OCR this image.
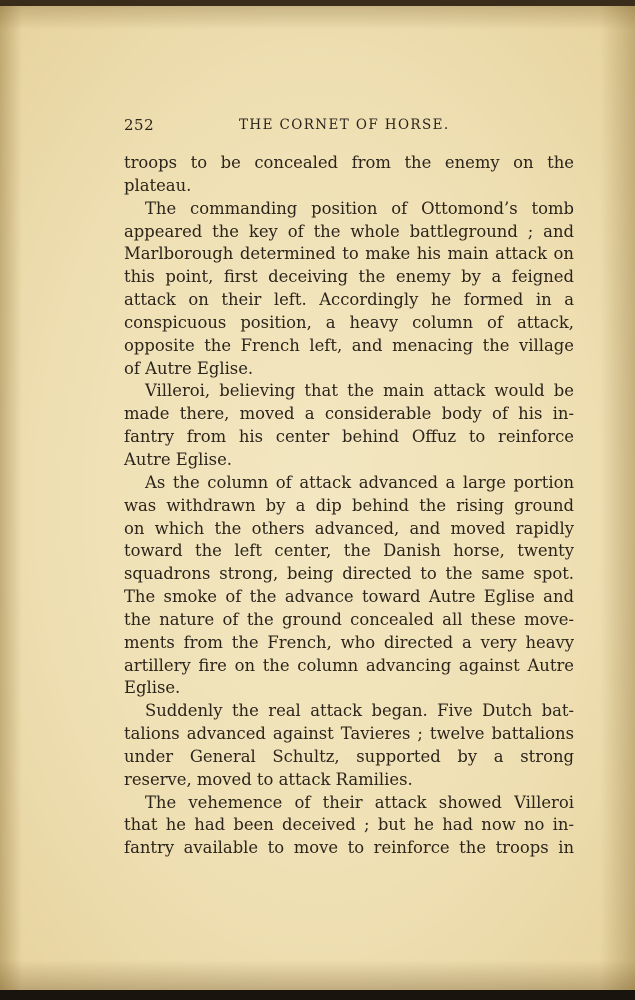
252	THE CORNET OF HORSE.
troops to be concealed from the enemy on the
plateau.
The commanding position of Ottomond’s tomb
appeared the key of the whole battleground ; and
Marlborough determined to make his main attack on
this point, first deceiving the enemy by a feigned
attack on their left. Accordingly he formed in a
conspicuous position, a heavy column of attack,
opposite the French left, and menacing the village
of Autre Eglise.
Villeroi, believing that the main attack would be
made there, moved a considerable body of his in-
fantry from his center behind Offuz to reinforce
Autre Eglise.
As the column of attack advanced a large portion
was withdrawn by a dip behind the rising ground
on which the others advanced, and moved rapidly
toward the left center, the Danish horse, twenty
squadrons strong, being directed to the same spot.
The smoke of the advance toward Autre Eglise and
the nature of the ground concealed all these move-
ments from the French, who directed a very heavy
artillery fire on the column advancing against Autre
Eglise.
Suddenly the real attack began. Five Dutch bat-
talions advanced against Tavieres ; twelve battalions
under General Schultz, supported by a strong
reserve, moved to attack Ramilies.
The vehemence of their attack showed Villeroi
that he had been deceived ; but he had now no in-
fantry available to move to reinforce the troops in
